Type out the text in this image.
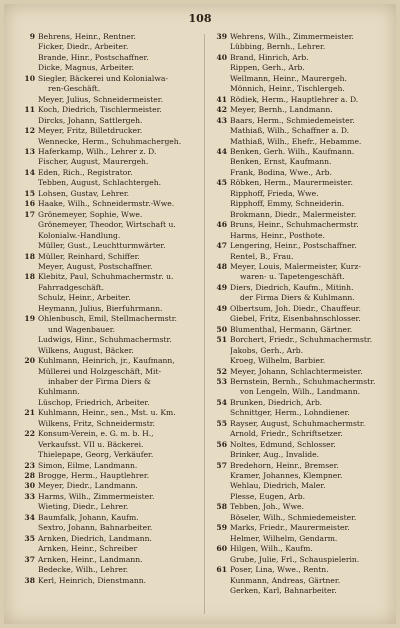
108
9 Behrens, Heinr., Rentner.
Ficker, Diedr., Arbeiter.
Brande, Hinr., Postschaffner.
Dicke, Magnus, Arbeiter.
10 Siegler, Bäckerei und Kolonialwa-
ren-Geschäft.
Meyer, Julius, Schneidermeister.
11 Koch, Diedrich, Tischlermeister.
Dircks, Johann, Sattlergeh.
12 Meyer, Fritz, Billetdrucker.
Wennecke, Herm., Schuhmachergeh.
13 Haferkamp, Wilh., Lehrer z. D.
Fischer, August, Maurergeh.
14 Eden, Rich., Registrator.
Tebben, August, Schlachtergeh.
15 Lohsen, Gustav, Lehrer.
16 Haake, Wilh., Schneidermstr.-Wwe.
17 Grönemeyer, Sophie, Wwe.
Grönemeyer, Theodor, Wirtschaft u.
Kolonialw.-Handlung.
Müller, Gust., Leuchtturmwärter.
18 Müller, Reinhard, Schiffer.
Meyer, August, Postschaffner.
18 Klebitz, Paul, Schuhmachermstr. u.
Fahrradgeschäft.
Schulz, Heinr., Arbeiter.
Heymann, Julius, Bierfuhrmann.
19 Ohlenbusch, Emil, Stellmachermstr.
und Wagenbauer.
Ludwigs, Hinr., Schuhmachermstr.
Wilkens, August, Bäcker.
20 Kuhlmann, Heinrich, jr., Kaufmann,
Müllerei und Holzgeschäft, Mit-
inhaber der Firma Diers &
Kuhlmann.
Lüschop, Friedrich, Arbeiter.
21 Kuhlmann, Heinr., sen., Mst. u. Km.
Wilkens, Fritz, Schneidermstr.
22 Konsum-Verein, e. G. m. b. H.,
Verkaufsst. VII u. Bäckerei.
Thielepape, Georg, Verkäufer.
23 Simon, Eilme, Landmann.
28 Brogge, Herm., Hauptlehrer.
30 Meyer, Diedr., Landmann.
33 Harms, Wilh., Zimmermeister.
Wieting, Diedr., Lehrer.
34 Baumfalk, Johann, Kaufm.
Sextro, Johann, Bahnarbeiter.
35 Arnken, Diedrich, Landmann.
Arnken, Heinr., Schreiber
37 Arnken, Heinr., Landmann.
Bedecke, Wilh., Lehrer.
38 Kerl, Heinrich, Dienstmann.
39 Wehrens, Wilh., Zimmermeister.
Lübbing, Bernh., Lehrer.
40 Brand, Hinrich, Arb.
Rippen, Gerh., Arb.
Wellmann, Heinr., Maurergeh.
Mönnich, Heinr., Tischlergeh.
41 Rödiek, Herm., Hauptlehrer a. D.
42 Meyer, Bernh., Landmann.
43 Baars, Herm., Schmiedemeister.
Mathiaß, Wilh., Schaffner a. D.
Mathiaß, Wilh., Ehefr., Hebamme.
44 Benken, Gerh. Wilh., Kaufmann.
Benken, Ernst, Kaufmann.
Frank, Bodina, Wwe., Arb.
45 Röbken, Herm., Maurermeister.
Ripphoff, Frieda, Wwe.
Ripphoff, Emmy, Schneiderin.
Brokmann, Diedr., Malermeister.
46 Bruns, Heinr., Schuhmachermstr.
Harms, Heinr., Posthote.
47 Lengering, Heinr., Postschaffner.
Rentel, B., Frau.
48 Meyer, Louis, Malermeister, Kurz-
waren- u. Tapetengeschäft.
49 Diers, Diedrich, Kaufm., Mitinh.
der Firma Diers & Kuhlmann.
49 Olbertsum, Joh. Diedr., Chauffeur.
Giebel, Fritz, Eisenbahnschlosser.
50 Blumenthal, Hermann, Gärtner.
51 Borchert, Friedr., Schuhmachermstr.
Jakobs, Gerh., Arb.
Kroeg, Wilhelm, Barbier.
52 Meyer, Johann, Schlachtermeister.
53 Bernstein, Bernh., Schuhmachermstr.
von Lengeln, Wilh., Landmann.
54 Brunken, Diedrich, Arb.
Schnittger, Herm., Lohndiener.
55 Rayser, August, Schuhmachermstr.
Arnold, Friedr., Schriftsetzer.
56 Noltes, Edmund, Schlosser.
Brinker, Aug., Invalide.
57 Bredehorn, Heinr., Bremser.
Kramer, Johannes, Klempner.
Wehlau, Diedrich, Maler.
Plesse, Eugen, Arb.
58 Tebben, Joh., Wwe.
Böseler, Wilh., Schmiedemeister.
59 Marks, Friedr., Maurermeister.
Helmer, Wilhelm, Gendarm.
60 Hilgen, Wilh., Kaufm.
Grube, Julie, Frl., Schauspielerin.
61 Poser, Lina, Wwe., Rentn.
Kunmann, Andreas, Gärtner.
Gerken, Karl, Bahnarbeiter.
